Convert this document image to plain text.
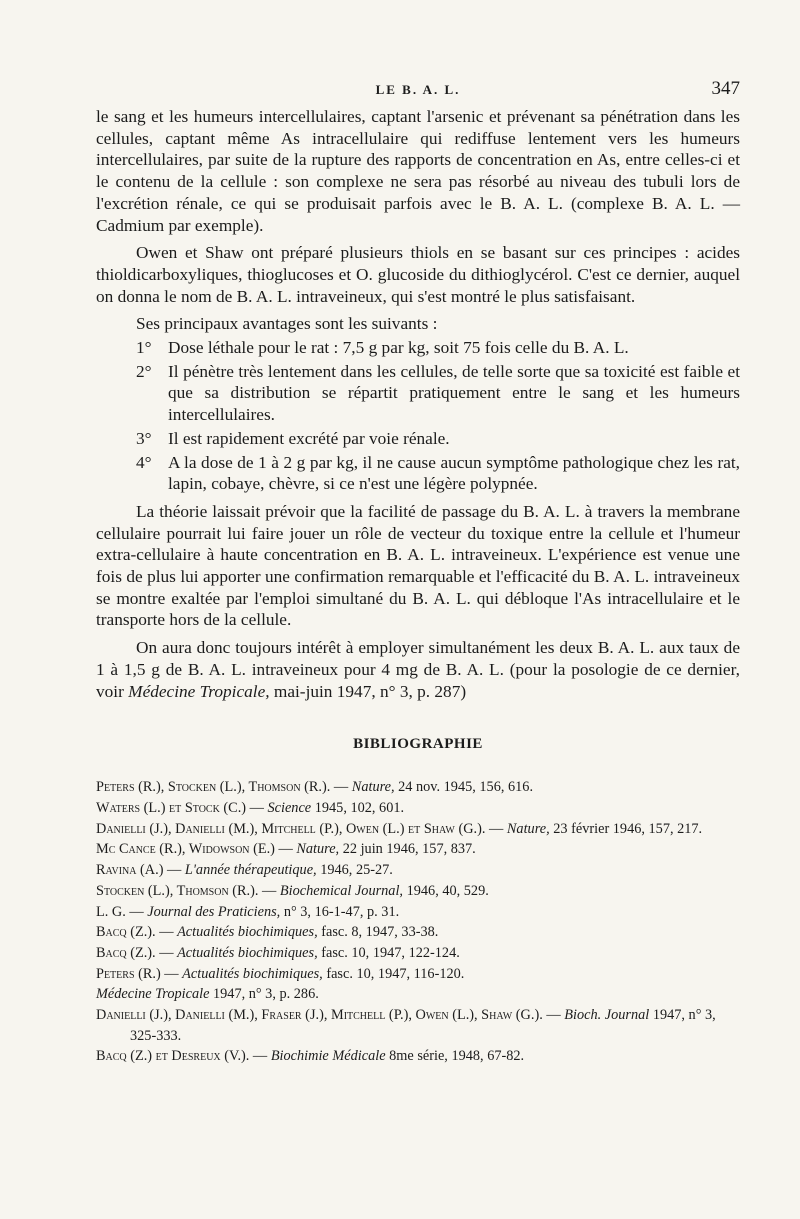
LE B. A. L.	347

le sang et les humeurs intercellulaires, captant l'arsenic et prévenant sa pénétration dans les cellules, captant même As intracellulaire qui rediffuse lentement vers les humeurs intercellulaires, par suite de la rupture des rapports de concentration en As, entre celles-ci et le contenu de la cellule : son complexe ne sera pas résorbé au niveau des tubuli lors de l'excrétion rénale, ce qui se produisait parfois avec le B. A. L. (complexe B. A. L. — Cadmium par exemple).

Owen et Shaw ont préparé plusieurs thiols en se basant sur ces principes : acides thioldicarboxyliques, thioglucoses et O. glucoside du dithioglycérol. C'est ce dernier, auquel on donna le nom de B. A. L. intraveineux, qui s'est montré le plus satisfaisant.

Ses principaux avantages sont les suivants :

1° Dose léthale pour le rat : 7,5 g par kg, soit 75 fois celle du B. A. L.
2° Il pénètre très lentement dans les cellules, de telle sorte que sa toxicité est faible et que sa distribution se répartit pratiquement entre le sang et les humeurs intercellulaires.
3° Il est rapidement excrété par voie rénale.
4° A la dose de 1 à 2 g par kg, il ne cause aucun symptôme pathologique chez les rat, lapin, cobaye, chèvre, si ce n'est une légère polypnée.

La théorie laissait prévoir que la facilité de passage du B. A. L. à travers la membrane cellulaire pourrait lui faire jouer un rôle de vecteur du toxique entre la cellule et l'humeur extra-cellulaire à haute concentration en B. A. L. intraveineux. L'expérience est venue une fois de plus lui apporter une confirmation remarquable et l'efficacité du B. A. L. intraveineux se montre exaltée par l'emploi simultané du B. A. L. qui débloque l'As intracellulaire et le transporte hors de la cellule.

On aura donc toujours intérêt à employer simultanément les deux B. A. L. aux taux de 1 à 1,5 g de B. A. L. intraveineux pour 4 mg de B. A. L. (pour la posologie de ce dernier, voir Médecine Tropicale, mai-juin 1947, n° 3, p. 287)

BIBLIOGRAPHIE

Peters (R.), Stocken (L.), Thomson (R.). — Nature, 24 nov. 1945, 156, 616.

Waters (L.) et Stock (C.) — Science 1945, 102, 601.

Danielli (J.), Danielli (M.), Mitchell (P.), Owen (L.) et Shaw (G.). — Nature, 23 février 1946, 157, 217.

Mc Cance (R.), Widowson (E.) — Nature, 22 juin 1946, 157, 837.

Ravina (A.) — L'année thérapeutique, 1946, 25-27.

Stocken (L.), Thomson (R.). — Biochemical Journal, 1946, 40, 529.

L. G. — Journal des Praticiens, n° 3, 16-1-47, p. 31.

Bacq (Z.). — Actualités biochimiques, fasc. 8, 1947, 33-38.

Bacq (Z.). — Actualités biochimiques, fasc. 10, 1947, 122-124.

Peters (R.) — Actualités biochimiques, fasc. 10, 1947, 116-120.

Médecine Tropicale 1947, n° 3, p. 286.

Danielli (J.), Danielli (M.), Fraser (J.), Mitchell (P.), Owen (L.), Shaw (G.). — Bioch. Journal 1947, n° 3, 325-333.

Bacq (Z.) et Desreux (V.). — Biochimie Médicale 8me série, 1948, 67-82.
